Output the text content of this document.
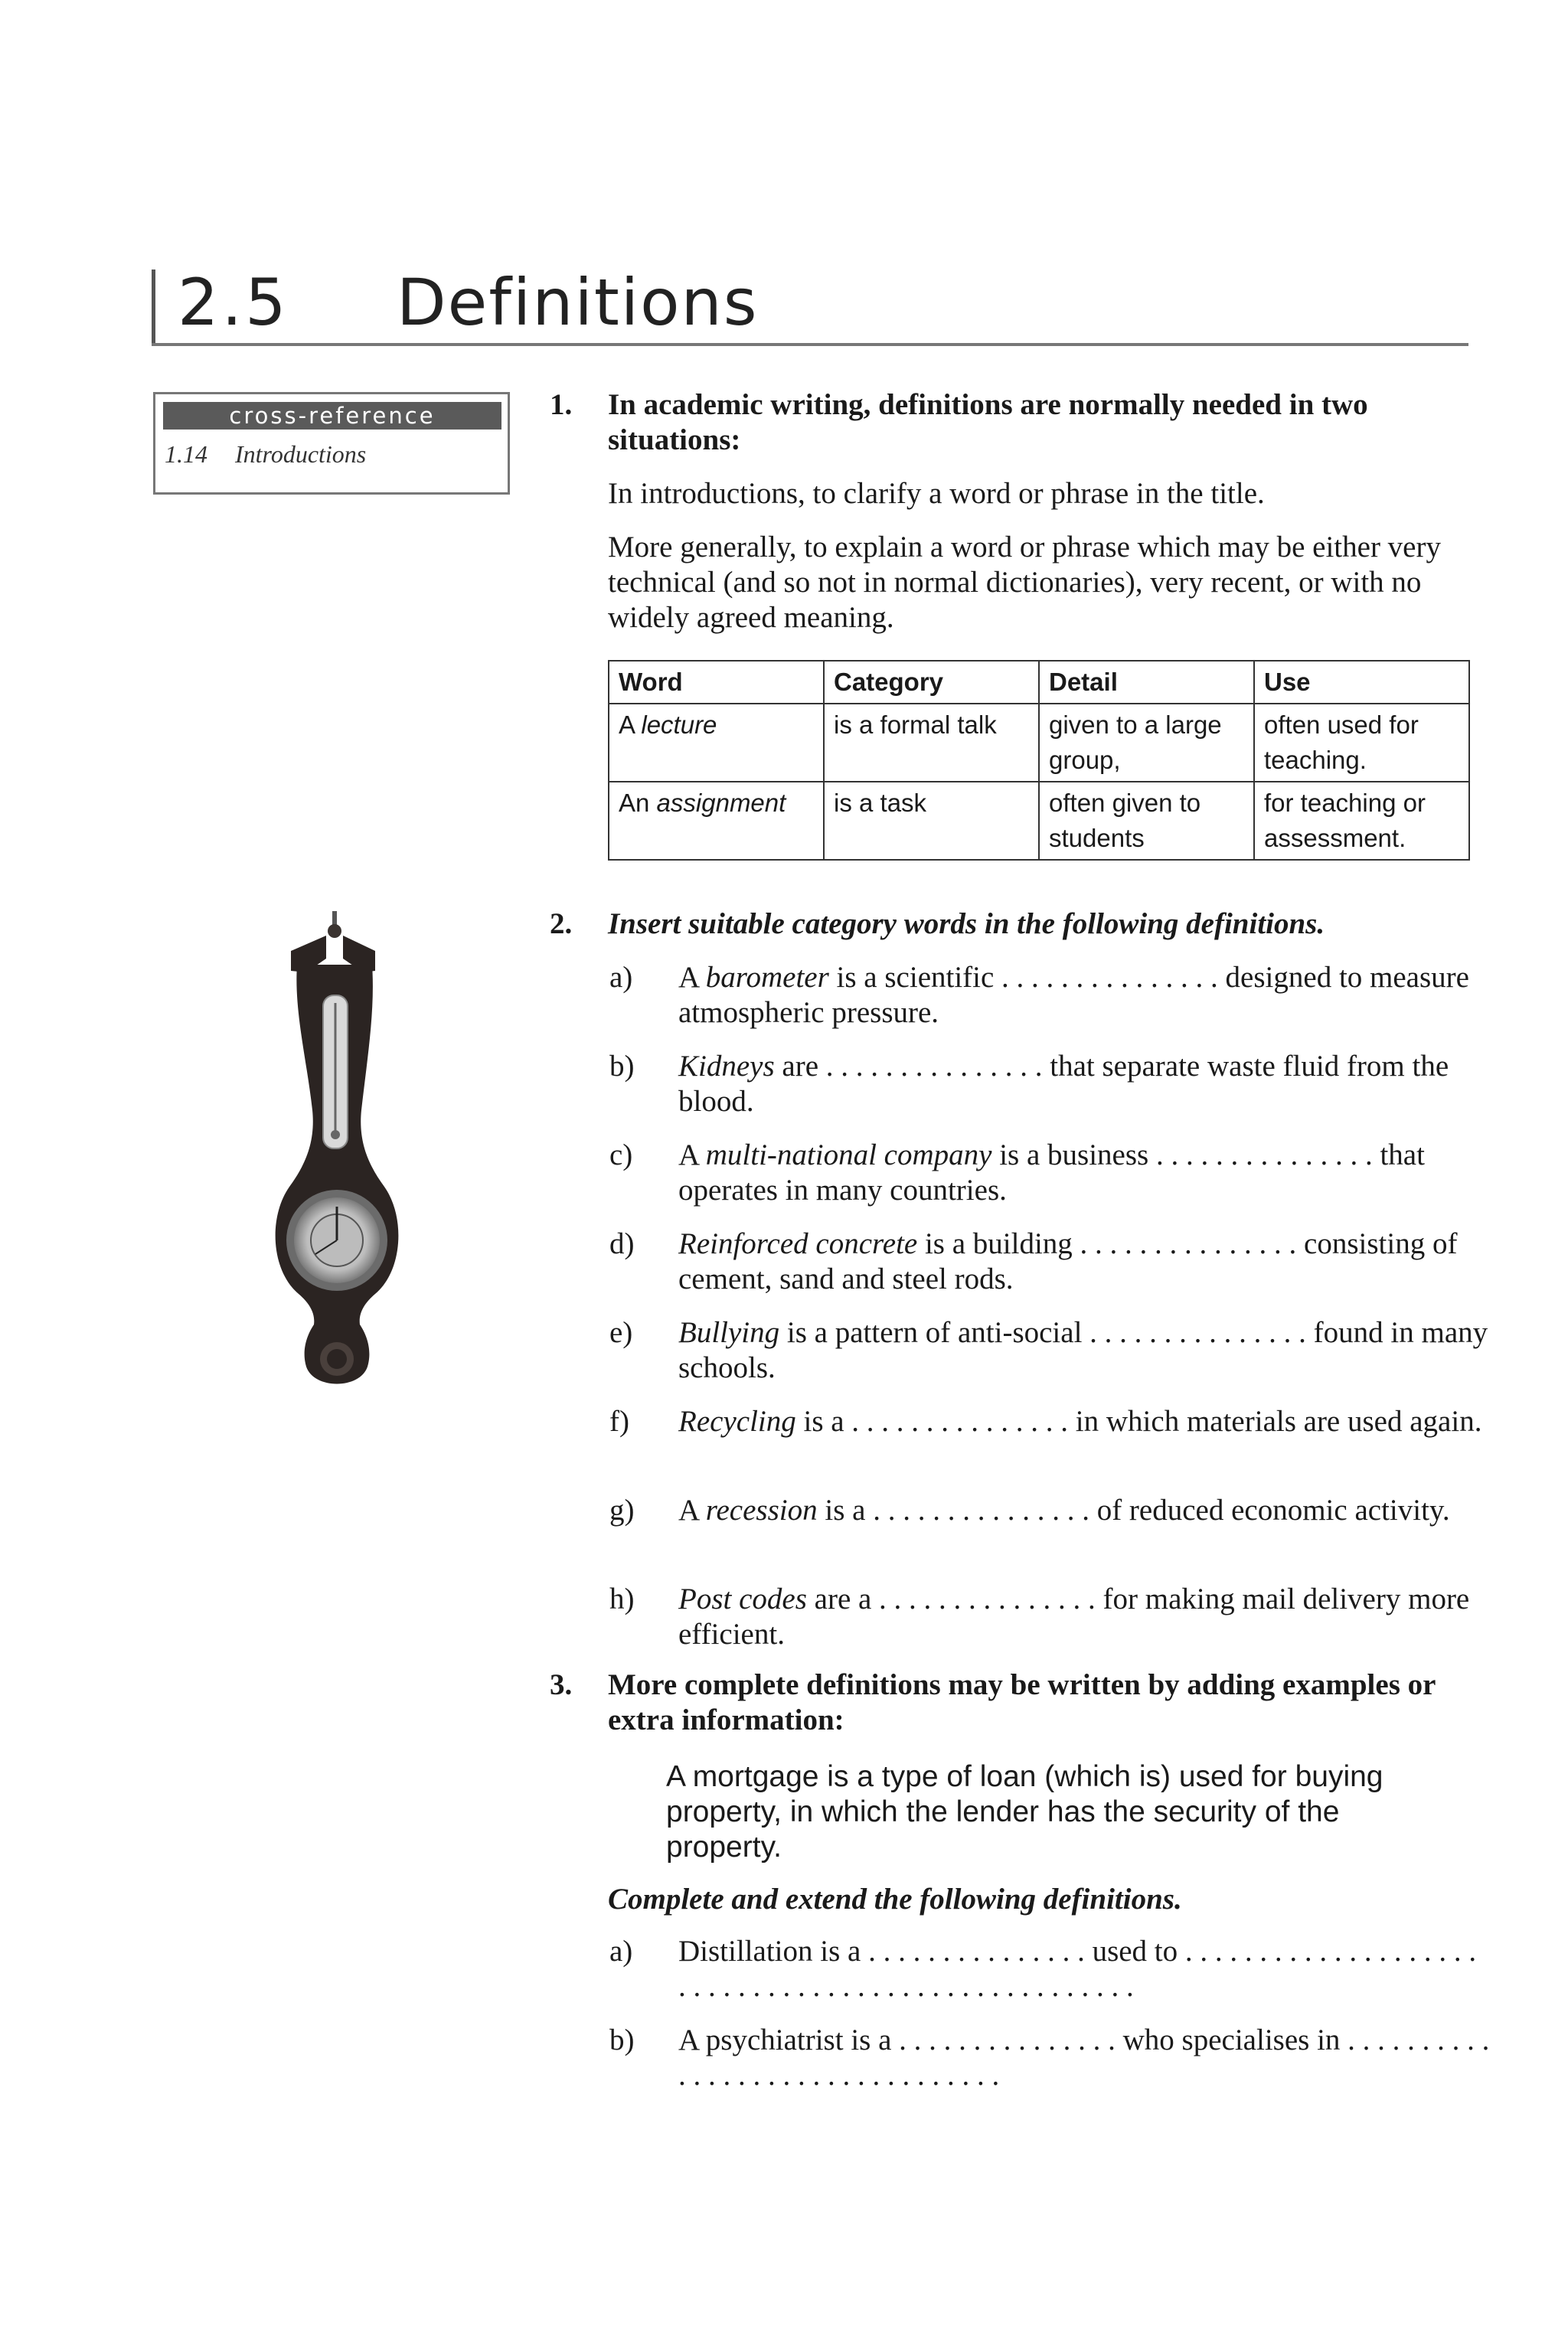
2.5 Definitions
cross-reference
1.14 Introductions
1. In academic writing, definitions are normally needed in two situations:
In introductions, to clarify a word or phrase in the title.
More generally, to explain a word or phrase which may be either very technical (and so not in normal dictionaries), very recent, or with no widely agreed meaning.
Word	Category	Detail	Use
A lecture	is a formal talk	given to a large group,	often used for teaching.
An assignment	is a task	often given to students	for teaching or assessment.
2. Insert suitable category words in the following definitions.
a) A barometer is a scientific . . . . . . . . . . . . . . . designed to measure atmospheric pressure.
b) Kidneys are . . . . . . . . . . . . . . . that separate waste fluid from the blood.
c) A multi-national company is a business . . . . . . . . . . . . . . . that operates in many countries.
d) Reinforced concrete is a building . . . . . . . . . . . . . . . consisting of cement, sand and steel rods.
e) Bullying is a pattern of anti-social . . . . . . . . . . . . . . . found in many schools.
f) Recycling is a . . . . . . . . . . . . . . . in which materials are used again.
g) A recession is a . . . . . . . . . . . . . . . of reduced economic activity.
h) Post codes are a . . . . . . . . . . . . . . . for making mail delivery more efficient.
3. More complete definitions may be written by adding examples or extra information:
A mortgage is a type of loan (which is) used for buying property, in which the lender has the security of the property.
Complete and extend the following definitions.
a) Distillation is a . . . . . . . . . . . . . . . used to . . . . . . . . . . . . . . . . . . . . . . . . . . . . . . . . . . . . . . . . . . . . . . . . . . .
b) A psychiatrist is a . . . . . . . . . . . . . . . who specialises in . . . . . . . . . . . . . . . . . . . . . . . . . . . . . . . .
